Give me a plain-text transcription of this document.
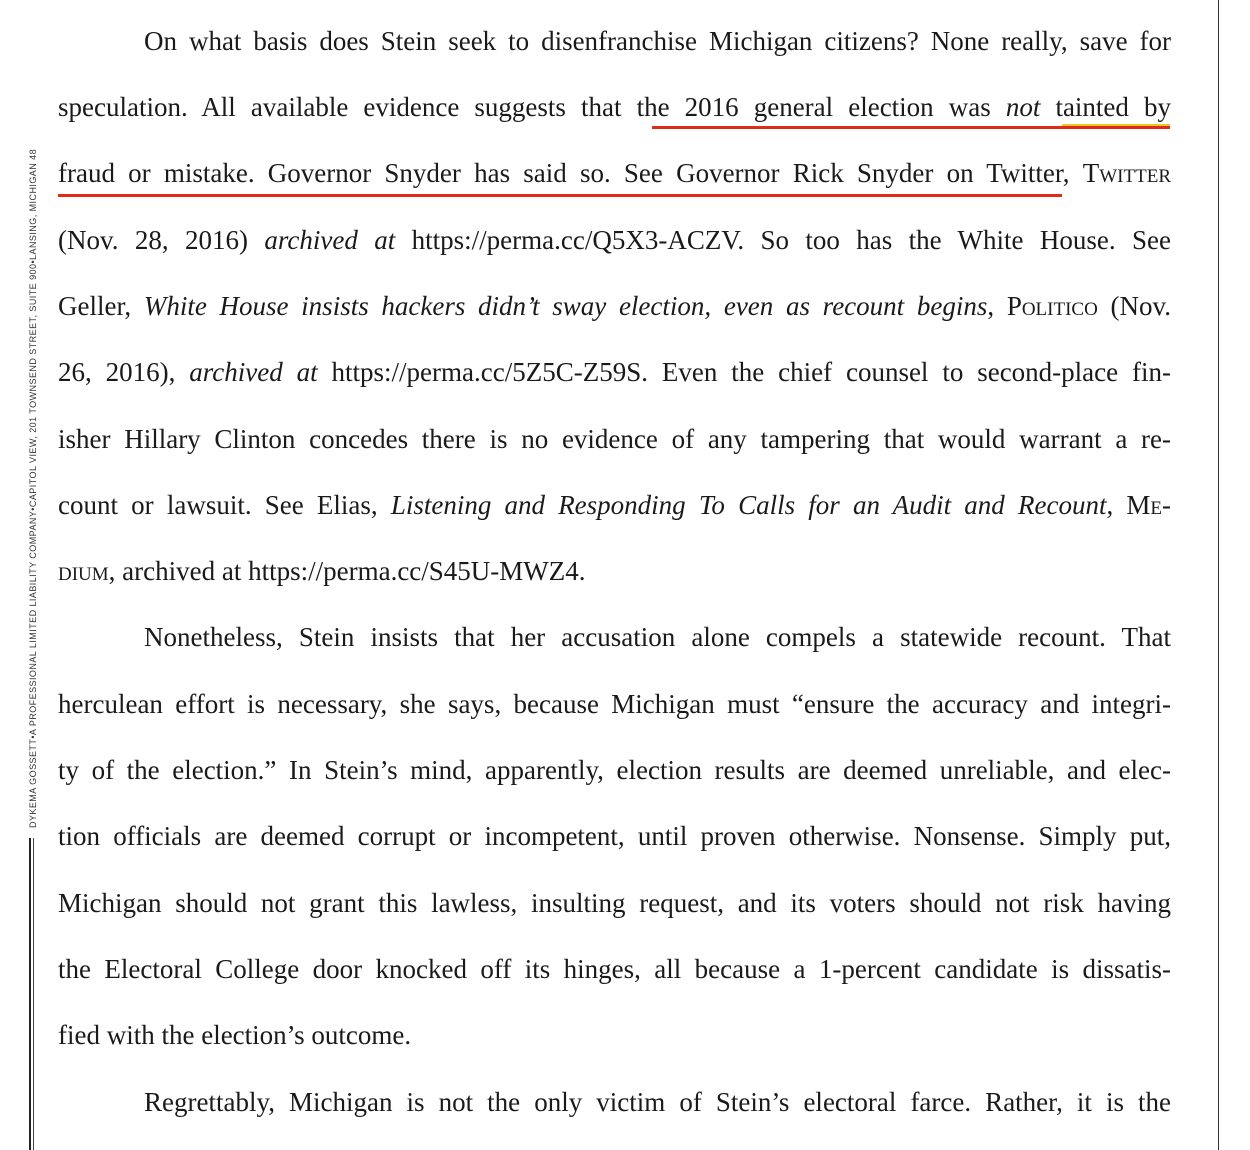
DYKEMA GOSSETT•A PROFESSIONAL LIMITED LIABILITY COMPANY•CAPITOL VIEW, 201 TOWNSEND STREET, SUITE 900•LANSING, MICHIGAN 48
On what basis does Stein seek to disenfranchise Michigan citizens? None really, save for
speculation. All available evidence suggests that the 2016 general election was not tainted by
fraud or mistake. Governor Snyder has said so. See Governor Rick Snyder on Twitter, Twitter
(Nov. 28, 2016) archived at https://perma.cc/Q5X3-ACZV. So too has the White House. See
Geller, White House insists hackers didn’t sway election, even as recount begins, Politico (Nov.
26, 2016), archived at https://perma.cc/5Z5C-Z59S. Even the chief counsel to second-place fin-
isher Hillary Clinton concedes there is no evidence of any tampering that would warrant a re-
count or lawsuit. See Elias, Listening and Responding To Calls for an Audit and Recount, Me-
dium, archived at https://perma.cc/S45U-MWZ4.
Nonetheless, Stein insists that her accusation alone compels a statewide recount. That
herculean effort is necessary, she says, because Michigan must “ensure the accuracy and integri-
ty of the election.” In Stein’s mind, apparently, election results are deemed unreliable, and elec-
tion officials are deemed corrupt or incompetent, until proven otherwise. Nonsense. Simply put,
Michigan should not grant this lawless, insulting request, and its voters should not risk having
the Electoral College door knocked off its hinges, all because a 1-percent candidate is dissatis-
fied with the election’s outcome.
Regrettably, Michigan is not the only victim of Stein’s electoral farce. Rather, it is the
